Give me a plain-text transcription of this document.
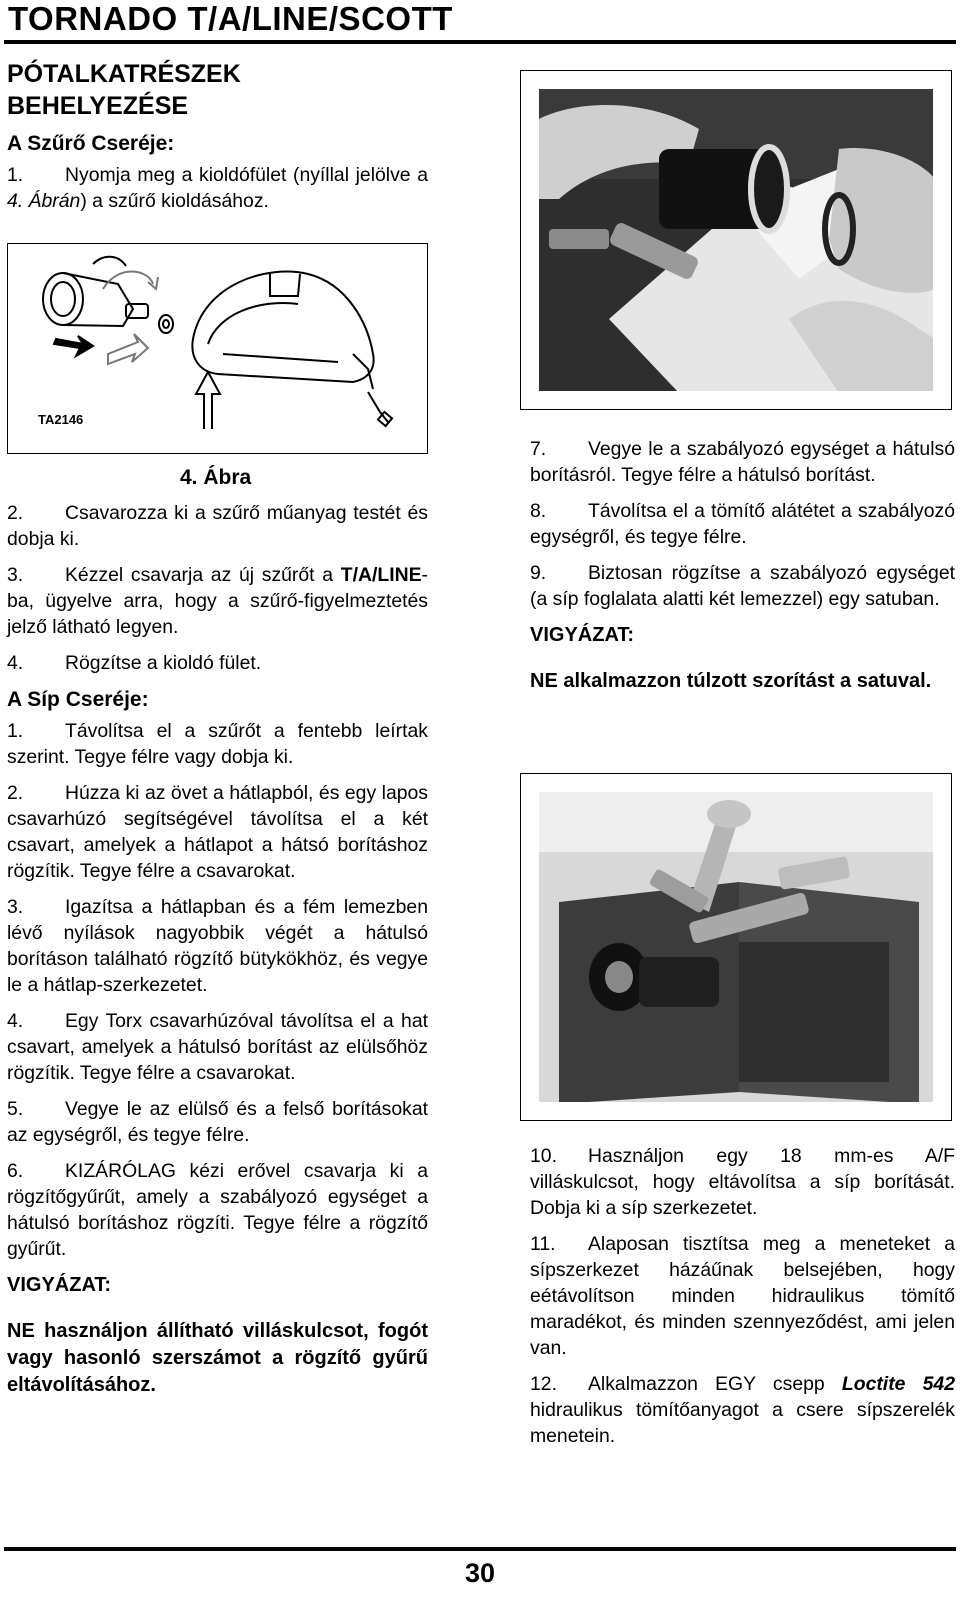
TORNADO T/A/LINE/SCOTT
PÓTALKATRÉSZEK
BEHELYEZÉSE
A Szűrő Cseréje:

1. Nyomja meg a kioldófület (nyíllal jelölve a 4. Ábrán) a szűrő kioldásához.

TA2146
4. Ábra

2. Csavarozza ki a szűrő műanyag testét és dobja ki.

3. Kézzel csavarja az új szűrőt a T/A/LINE-ba, ügyelve arra, hogy a szűrő-figyelmeztetés jelző látható legyen.

4. Rögzítse a kioldó fület.

A Síp Cseréje:

1. Távolítsa el a szűrőt a fentebb leírtak szerint. Tegye félre vagy dobja ki.

2. Húzza ki az övet a hátlapból, és egy lapos csavarhúzó segítségével távolítsa el a két csavart, amelyek a hátlapot a hátsó borításhoz rögzítik. Tegye félre a csavarokat.

3. Igazítsa a hátlapban és a fém lemezben lévő nyílások nagyobbik végét a hátulsó borításon található rögzítő bütykökhöz, és vegye le a hátlap-szerkezetet.

4. Egy Torx csavarhúzóval távolítsa el a hat csavart, amelyek a hátulsó borítást az elülsőhöz rögzítik. Tegye félre a csavarokat.

5. Vegye le az elülső és a felső borításokat az egységről, és tegye félre.

6. KIZÁRÓLAG kézi erővel csavarja ki a rögzítőgyűrűt, amely a szabályozó egységet a hátulsó borításhoz rögzíti. Tegye félre a rögzítő gyűrűt.

VIGYÁZAT:

NE használjon állítható villáskulcsot, fogót vagy hasonló szerszámot a rögzítő gyűrű eltávolításához.

7. Vegye le a szabályozó egységet a hátulsó borításról. Tegye félre a hátulsó borítást.

8. Távolítsa el a tömítő alátétet a szabályozó egységről, és tegye félre.

9. Biztosan rögzítse a szabályozó egységet (a síp foglalata alatti két lemezzel) egy satuban.

VIGYÁZAT:

NE alkalmazzon túlzott szorítást a satuval.

10. Használjon egy 18 mm-es A/F villáskulcsot, hogy eltávolítsa a síp borítását. Dobja ki a síp szerkezetet.

11. Alaposan tisztítsa meg a meneteket a sípszerkezet házáűnak belsejében, hogy eétávolítson minden hidraulikus tömítő maradékot, és minden szennyeződést, ami jelen van.

12. Alkalmazzon EGY csepp Loctite 542 hidraulikus tömítőanyagot a csere sípszerelék menetein.

30
